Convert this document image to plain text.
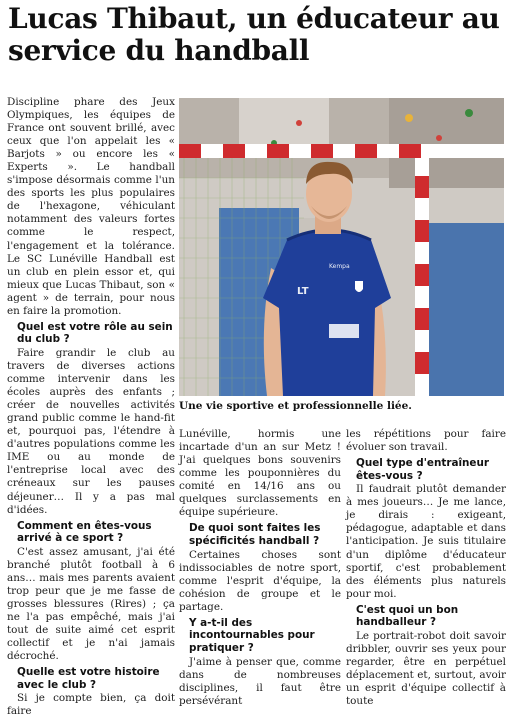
Lucas Thibaut, un éducateur au service du handball

Discipline phare des Jeux Olympiques, les équipes de France ont souvent brillé, avec ceux que l'on appelait les « Barjots » ou encore les « Experts ». Le handball s'impose désormais comme l'un des sports les plus populaires de l'hexagone, véhiculant notamment des valeurs fortes comme le respect, l'engagement et la tolérance. Le SC Lunéville Handball est un club en plein essor et, qui mieux que Lucas Thibaut, son « agent » de terrain, pour nous en faire la promotion.

Quel est votre rôle au sein du club ?

Faire grandir le club au travers de diverses actions comme intervenir dans les écoles auprès des enfants ; créer de nouvelles activités grand public comme le hand-fit et, pourquoi pas, l'étendre à d'autres populations comme les IME ou au monde de l'entreprise local avec des créneaux sur les pauses déjeuner… Il y a pas mal d'idées.

Comment en êtes-vous arrivé à ce sport ?

C'est assez amusant, j'ai été branché plutôt football à 6 ans… mais mes parents avaient trop peur que je me fasse de grosses blessures (Rires) ; ça ne l'a pas empêché, mais j'ai tout de suite aimé cet esprit collectif et je n'ai jamais décroché.

Quelle est votre histoire avec le club ?

Si je compte bien, ça doit faire

LT
Kempa
Une vie sportive et professionnelle liée.

Lunéville, hormis une incartade d'un an sur Metz ! J'ai quelques bons souvenirs comme les pouponnières du comité en 14/16 ans ou quelques surclassements en équipe supérieure.

De quoi sont faites les spécificités handball ?

Certaines choses sont indissociables de notre sport, comme l'esprit d'équipe, la cohésion de groupe et le partage.

Y a-t-il des incontournables pour pratiquer ?

J'aime à penser que, comme dans de nombreuses disciplines, il faut être persévérant

les répétitions pour faire évoluer son travail.

Quel type d'entraîneur êtes-vous ?

Il faudrait plutôt demander à mes joueurs… Je me lance, je dirais : exigeant, pédagogue, adaptable et dans l'anticipation. Je suis titulaire d'un diplôme d'éducateur sportif, c'est probablement des éléments plus naturels pour moi.

C'est quoi un bon handballeur ?

Le portrait-robot doit savoir dribbler, ouvrir ses yeux pour regarder, être en perpétuel déplacement et, surtout, avoir un esprit d'équipe collectif à toute
